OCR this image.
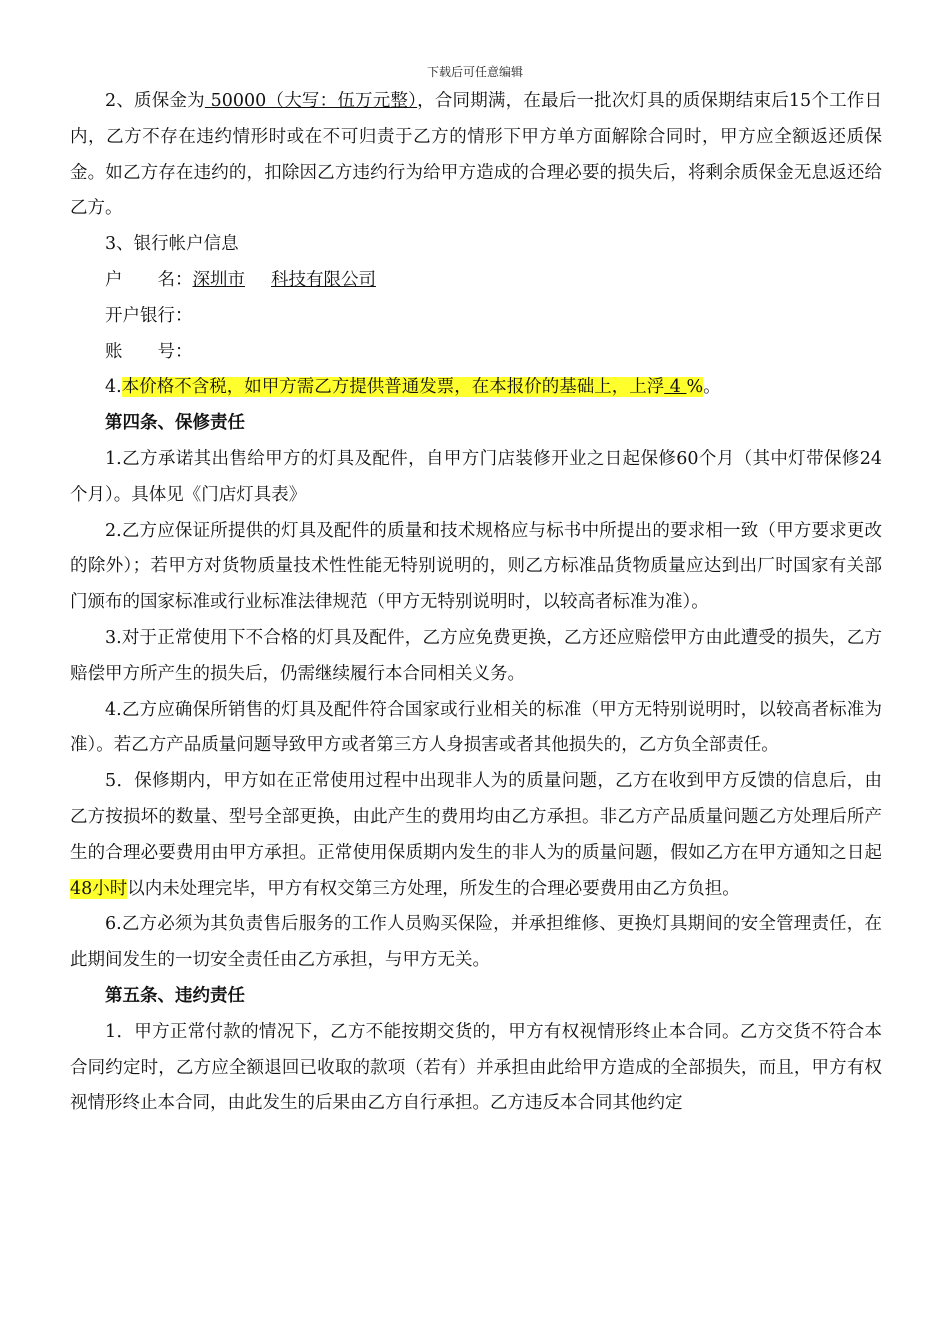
下载后可任意编辑

2、质保金为 50000（大写：伍万元整），合同期满，在最后一批次灯具的质保期结束后15个工作日内，乙方不存在违约情形时或在不可归责于乙方的情形下甲方单方面解除合同时，甲方应全额返还质保金。如乙方存在违约的，扣除因乙方违约行为给甲方造成的合理必要的损失后，将剩余质保金无息返还给乙方。

3、银行帐户信息

户　　名：深圳市 科技有限公司

开户银行：

账　　号：

4.本价格不含税，如甲方需乙方提供普通发票，在本报价的基础上，上浮 4 %。

第四条、保修责任

1.乙方承诺其出售给甲方的灯具及配件，自甲方门店装修开业之日起保修60个月（其中灯带保修24个月）。具体见《门店灯具表》

2.乙方应保证所提供的灯具及配件的质量和技术规格应与标书中所提出的要求相一致（甲方要求更改的除外）；若甲方对货物质量技术性性能无特别说明的，则乙方标准品货物质量应达到出厂时国家有关部门颁布的国家标准或行业标准法律规范（甲方无特别说明时，以较高者标准为准）。

3.对于正常使用下不合格的灯具及配件，乙方应免费更换，乙方还应赔偿甲方由此遭受的损失，乙方赔偿甲方所产生的损失后，仍需继续履行本合同相关义务。

4.乙方应确保所销售的灯具及配件符合国家或行业相关的标准（甲方无特别说明时，以较高者标准为准）。若乙方产品质量问题导致甲方或者第三方人身损害或者其他损失的，乙方负全部责任。

5．保修期内，甲方如在正常使用过程中出现非人为的质量问题，乙方在收到甲方反馈的信息后，由乙方按损坏的数量、型号全部更换，由此产生的费用均由乙方承担。非乙方产品质量问题乙方处理后所产生的合理必要费用由甲方承担。正常使用保质期内发生的非人为的质量问题，假如乙方在甲方通知之日起48小时以内未处理完毕，甲方有权交第三方处理，所发生的合理必要费用由乙方负担。

6.乙方必须为其负责售后服务的工作人员购买保险，并承担维修、更换灯具期间的安全管理责任，在此期间发生的一切安全责任由乙方承担，与甲方无关。

第五条、违约责任

1．甲方正常付款的情况下，乙方不能按期交货的，甲方有权视情形终止本合同。乙方交货不符合本合同约定时，乙方应全额退回已收取的款项（若有）并承担由此给甲方造成的全部损失，而且，甲方有权视情形终止本合同，由此发生的后果由乙方自行承担。乙方违反本合同其他约定
